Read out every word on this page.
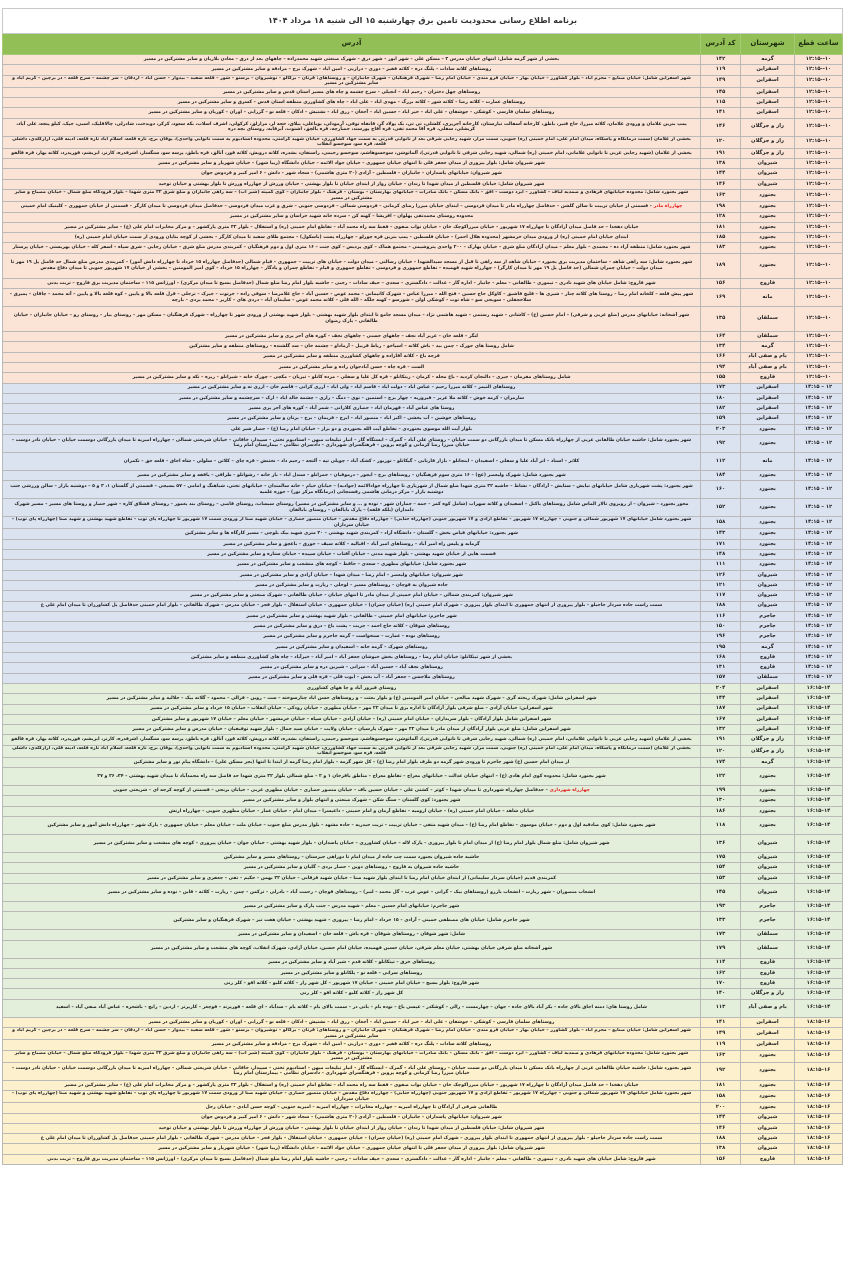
برنامه اطلاع رسانی محدودیت تامین برق چهارشنبه ۱۵ الی شنبه ۱۸ مرداد ۱۴۰۴			
ساعت قطع	شهرستان	کد آدرس	آدرس
۱۰--۱۲:۱۵	گرمه	۱۴۲	بخشی از شهر گرمه شامل: انتهای خیابان مدرس ۲ – مسکن علی – شهر ایور – شهر درق – شهرک صنعتی شهید محمدزاده – چاههای بعد از درق – معادن بلاریان و سایر مشترکین در مسیر
۱۰--۱۲:۱۵	اسفراین	۱۱۹	روستاهای کلاته سادات – پلنگ دره – کلاته فقیر – دوری – درازیی – امین اباد – شهرک برج – مرادقه و سایر مشترکین در مسیر
۱۰--۱۲:۱۵	اسفراین	۱۴۹	شهر اسفراین شامل: خیابان صنایع – محرم اباد – بلوار کشاورز – خیابان بهار – خیابان فرو مندی – خیابان امام رضا – شهرک فرهنگیان – شهرک جانبازان – و روستاهای: قرتان – برکالو – نوشیروان – برسنو – شور – قلعه سفید – بیدواز – حسن اباد – اردقان – سر چشمه – سرخ قلعه – در برچین – کریم اباد و سایر مشترکین در مسیر
۱۰--۱۲:۱۵	اسفراین	۱۴۵	روستاهای چهل دختران – رحیم اباد – انجیلی – سرخ چشمه و چاه های مسیر استان قدس و سایر مشترکین در مسیر
۱۰--۱۲:۱۵	اسفراین	۱۱۵	روستاهای عمارت – کلاته رضا – کلاته شور – کلاته بزرگ – مهدی اباد – علی اباد – چاه های کشاورزی منطقه استان قدس – کسرق و سایر مشترکین در مسیر
۱۰--۱۲:۱۵	اسفراین	۱۴۱	روستاهای سلمان فارسی – کوشکی – جوشقان – علی اباد – خیر اباد – حسین اباد – آجغان – زرق اباد – نشتیش – ادکان – قلعه نو – گزرابی – اوران – کوریان و سایر مشترکین در مسیر
۱۰--۱۲:۱۵	راز و جرگلان	۱۴۶	پمپ بنزین غلامان و ورودی غلامان، کلاته میرزا، حاج قنبر، باطق، کارخانه آسفالت تبارستان، کارخانه آجرپزی، کلشلی، تی تی، بک پولاد گز، قانقاه توقی، آرمودلی، بوباغلی، ییلاق، خجه لر، مزارلق، کرکولی، اشرف اسلاب، بکه سعود، کرکز، دوبدخت، شادرلی، چالاقلیک، اسبی، جیک، کیلو پنجه، علی آباد، کریشلی، سقلی، قره آقا محمد تقی، قره آقاج پورسند، حصارچه، قره یالچق، اشتوت، آبرقابه، روستای بچه دره
۱۰--۱۲:۱۵	راز و جرگلان	۱۲۰	بخشی از غلامان (سمت درمانگاه و پاسگاه، میدان امام علی، امام خمینی (ره) جنوبی، سمت مزار، شهید رجایی شرقی بعد از نانوایی قدرتی به سمت جهاد کشاورزی، خیابان شهید کرامتی، محدوده استادیوم به سمت نانوایی واحدی)، یوقان برج، تازه قلعه، اسلام آباد تازه قلعه، آدینه قلی، ارازکلدی، داشلی قلعه، قره سو، سوخسو انقلاب
۱۰--۱۲:۱۵	راز و جرگلان	۱۹۱	بخشی از غلامان (شهید رجایی غربی تا نانوایی غلامانی، امام خمینی (ره) شمالی، شهید رجایی شرقی تا نانوایی قدرتی)، آلماتوشن، سوخسوهاشم، سوخسو رحیمی، راستقان، بشدره، کلاته درویش، کلاته قوز، آتالق، قره باطق، پرسه سو، سنگسار، اشرفدره، کارنز، ابریشم، قورپدرد، کلاته بهار، قره قالقو
۱۰--۱۲:۱۵	شیروان	۱۳۸	شهر شیروان شامل: بلوار پیروزی از میدان جعفر قلی تا انتهای خیابان جمهوری – خیابان جواد الائمه – خیابان دانشگاه (زیبا شهر) – خیابان شهریار و سایر مشترکین در مسیر
۱۰--۱۲:۱۵	شیروان	۱۴۴	شهر شیروان: خیابانهای پاسداران – جانبازان – فلسطین – آزادی (۲۰ متری هاشمی) – سجاد شهر – دانش – ۶ امیر کبیر و فردوس جوان
۱۰--۱۲:۱۵	شیروان	۱۴۶	شهر شیروان شامل: خیابان فلسطین از میدان شهدا تا زندان – خیابان رواز از ابتدای خیابان تا بلوار بهشتی – خیابان ورزش از چهارراه ورزش تا بلوار بهشتی و خیابان توحید
۱۰--۱۲:۱۵	بجنورد	۱۶۳	شهر بجنورد شامل: محدوده خیابانهای فرهادی و صمدیه لباف – کشاورز – ایزد دوست – افق – بانک مسکن – بانک صادرات – خیابانهای بهارستان – بوستان – فرهنگ – بلوار جانبازان – کوی کمپنه (شیر آب) – سه راهی جانبازان و ضلع شرق ۳۲ متری شهدا – بلوار فرودگاه ضلع شمال – خیابان مصباح و سایر مشترکین در مسیر
۱۰--۱۲:۱۵	بجنورد	۱۹۸	چهارراه مادر – قسمتی از خیابان تربیت تا سالن گلشن – حدفاصل چهارراه مادر تا میدان فردوسی – ابتدای خیابان میرزا رضای کرمانی – فردوسی شمالی – فردوسی جنوبی – شرق و غرب میدان فردوسی – حدفاصل میدان فردوسی تا میدان کارگر – قسمتی از خیابان جمهوری – کلینیک امام خمینی
۱۰--۱۲:۱۵	بجنورد	۱۲۸	محدوده روستای محمدتقی پهلوان – افریشا – کهنه کن – سرده خانه شهید خراسان و سایر مشترکین در مسیر
۱۰--۱۲:۱۵	بجنورد	۱۸۱	خیابان دهخدا – حد فاصل میدان آزادگان تا چهارراه ۱۷ شهریور – خیابان میرزاکوچک خان – خیابان نواب صفوی – فقط سه راه محمد آباد – تقاطع امام خمینی (ره) و استقلال – بلوار ۳۲ متری پارکشهر – و مرکز مخابرات امام علی (ع) – سایر مشترکین در مسیر
۱۰--۱۲:۱۵	بجنورد	۱۸۵	ابتدای خیابان امام خمینی (ره) از ورودی میدان خرمشهر (محدوده هلال احمر) – خیابان فلسطین – پمپ بنزین فره چورلو – چهارراه پست (باسکول) – مجتمع طلای سفید تا میدان کارگر – بخشی از کوچه بنایان ورودی از سمت خیابان امام خمینی (ره)
۱۰--۱۲:۱۵	بجنورد	۱۸۳	شهر بجنورد شامل: منطقه آزاد ده – محمدی – بلوار معلم – میدان آزادگان ضلع شرق – خیابان بهارک – ۲۰۰ واحدی پتروشیمی – مجتمع هماک – کوی پردیس – کوی جنت – ۱۶ متری اول و دوم فرهنگیان – کمربندی مدرس ضلع شرق – خیابان رجایی – شرق سپاه – اسفر کله – خیابان بهزیستی – خیابان پرستار
۱۰--۱۲:۱۵	بجنورد	۱۸۹	شهر بجنورد شامل: سه راهی شاهد – ساختمان مدیریت برق بجنورد – خیابان شاهد از سه راهی تا قبل از مسجد سیدالشهدا – خیابان رسالتی – میدان دولت – خیابان های تربیت – جمهوری – قیام شمالی (حدفاصل چهارراه ۱۵ خرداد تا چهارراه دانش آموز) – کمربندی مدرس ضلع شمال حد فاصل پل ۱۹ مهر تا میدان دولت – خیابان چمران شمالی (حد فاصل پل ۱۹ مهر تا میدان کارگر) – چهارراه شهید فهمیده – تقاطع جمهوری و فردوسی – تقاطع جمهوری و قیام – تقاطع چمران و یادگار – چهارراه ۱۵ خرداد – کوی امیر المومنین – بخشی از خیابان ۱۷ شهریور جنوبی تا میدان دفاع مقدس
۱۰--۱۲:۱۵	فاروج	۱۵۶	شهر فاروج: شامل خیابان های شهید نادری – تیموری – طالقانی – معلم – جانباز – اداره گاز – عدالت – دادگستری – سعدی – حیف سادات – رجبی – حاشیه بلوار امام رضا ضلع شمال (حدفاصل بسیج تا میدان مرکزی) – اورژانس ۱۱۵ – ساختمان مدیریت برق فاروج – تربت بدنی
۱۰--۱۲:۱۵	مانه	۱۶۹	شهر پیش قلعه – کلخانه امام رضا – روستا های کلاته چنار – شیری ها – قلیچ قاشیق – کاوکل حاج حسین – فتح الله – میرزا عباس – شهرک کاتیمانی – محمد عوض – حسین آباد – حاج غلامرضا – سوفی زاده – خرتوت – جیرک – ترجلی – قزل قلعه بالا و پایین – کوه قلعه بالا و پایین – آته محمد – چاقان – پمیرق – سلاخجقلی – سوبجی سو – شاه توت – کوشکی اولن – شورسو – کهنه جلگه – الله قلی – کلاته محمد عوض – سلیمان آباد – دردی های – کاریز – محمد بردی – بارچه
۱۰--۱۲:۱۵	سملقان	۱۳۵	شهر آشخانه: خیابانهای مدرس (ضلع غربی و شرقی) – امام حسین (ع) – کاشانی – شهید رستمی – شهید هاشمی نژاد – میدان مسجد جامع تا ابتدای بلوار شهید بهشتی – بلوار شهید بهشتی از ورودی شهر تا چهارراه – شهرک فرهنگیان – مسکن مهر – روستای بیار – روستای زو – خیابان جانبازان – خیابان طالقانی – پارک رضوان
۱۰--۱۲:۱۵	سملقان	۱۶۴	لنگر – قلعه خان – عزیز آباد نجف – چاههای حسنی – چاههای نجف – کوره های آجر پزی و سایر مشترکین در مسیر
۱۰--۱۲:۱۵	گرمه	۱۳۴	شامل روستا های جورک – چمن بید – باش کلاته – اسپاخو – رباط قریبل – آرماداو – چشمه خان – سد گلشنده – روستاهای منطقه و سایر مشترکین
۱۰--۱۲:۱۵	بام و صفی آباد	۱۶۶	فرجه باغ – کلاته آقازاده و چاههای کشاورزی منطقه و سایر مشترکین در مسیر
۱۰--۱۲:۱۵	بام و صفی آباد	۱۹۴	الست – قره چاه – حسن آبادجوان زاده و سایر مشترکین در مسیر
۱۰--۱۲:۱۵	فاروج	۱۵۵	شامل روستاهای مقرمان – جیری – دالنجان کردیه – باغ محله – کرمان – زینکانلو – قره کل علیا و سفلی – مرده کانلو – تیریان – مکچی – چورک خانه – شیرانلو – ریزه – تکه و سایر مشترکین در مسیر
۱۲ – ۱۴:۱۵	اسفراین	۱۷۳	روستاهای النیمز – کلاته میرزا رحیم – عباس اباد – دولت اباد – قاسم اباد – ولی اباد – ازری کرانی – قاسم خان – ازری ته و سایر مشترکین در مسیر
۱۲ – ۱۴:۱۵	اسفراین	۱۸۰	سارمران – کرمه خوش – کلاته ملا عزیز – فیروزیه – چهار برج – استمین – نوی – دمگ – زاری – چشمه خالد اباد – ارک – سرچشمه و سایر مشترکین در مسیر
۱۲ – ۱۴:۱۵	اسفراین	۱۸۲	روستا های عباس آباد – قهرمان اباد – حصاری کلارانی – شمر آباد – کوره های آجر پزی مسیر
۱۲ – ۱۴:۱۵	اسفراین	۱۵۹	روستاهای خوشین – آب بخشی – اکبر اباد – منصور اباد – ایرج – فریمان – برج – بزنان و سایر مشترکین در مسیر
۱۲ – ۱۴:۱۵	بجنورد	۲۰۳	بلوار آیت الله موسوی بجنوردی – تقاطع آیت الله بجنوردی و دو براز – خیابان امام رضا (ع) – حصار شیر علی
۱۲ – ۱۴:۱۵	بجنورد	۱۹۲	شهر بجنورد شامل: حاشیه خیابان طالقانی غربی از چهارراه بانک مسکن تا میدان بازرگانی دو سمت خیابان – روستای علی آباد – گمرک – ایستگاه گاز – انبار تبلیغات میهن – استادیوم تختی – سپیدار، خاقانی – خیابان شریعتی شمالی – چهارراه امیریه تا میدان بازرگانی دوسمت خیابان – خیابان نادر دوست – خیابان میرزا رضا کرمانی و کوچه پروین – فرهنگسرای شهرداری – دادسرای نظامی – بیمارستان امام رضا
۱۲ – ۱۴:۱۵	مانه	۱۱۲	کلاتر – اسناد – اتر آباد علیا و سفلی – اسفیدان – اینجانلو – بازار قارنابی – گیکانلو – نوربور – کشک آباد – چوپلی تپه – آلتجه – رحیم داد – نختنش – قره چای – کلاتن – سلولی – شاه اجاق – قلعه جق – تکمران
۱۲ – ۱۴:۱۵	بجنورد	۱۸۴	شهر بجنورد شامل: شهرک ولیعصر (عج) – ۱۶ متری سوم فرهنگیان – روستاهای برج – ایجور – درموفیان – حمزانلو – سندل اباد – باز خانه – رشوانلو – طراقی – یافقه و سایر مشترکین در مسیر
۱۲ – ۱۴:۱۵	بجنورد	۱۶۰	شهر بجنورد: پشت شهربازی شامل خیابانهای نیایش – ستایش – آزادگان – نشاط – حاشیه ۳۲ متری شهدا ضلع شمال از شهربازی تا چهارراه جوادالائمه (جوادیه) – خیابان خیام – خانه سالمندان – خیابانهای تختی، شباهنگ و امامی – ۵۷ بسیجی – قسمتی از گلستان ۱، ۳ و ۵ – دوشنبه بازار – سالن ورزشی جنب دوشنبه بازار – مرکز درمانی هاشمی رفسنجانی (درمانگاه مرکز نور) – حوزه علمیه
۱۲ – ۱۴:۱۵	بجنورد	۱۵۲	محور بجنورد – شیروان – از روبروی تالار الماس شامل روستاهای باکتل – اسفیدان و کلاته سهراب (شامل کوه کمر – جمه – جماران شهر – توده و ... و سایر مشترکین در مسیر) روستای سیساب، روستای قاضی – روستای بند یغمور – روستای قشلاق کاره – شهر حصار و روستا های مسیر – مسیر شهرک دامداران (بلکه قلقه) – پارک بابالقان – روستای بابالقان
۱۲ – ۱۴:۱۵	بجنورد	۱۵۸	شهر بجنورد شامل خیابانهای ۱۷ شهریور شمالی و جنوبی – چهارراه ۱۷ شهریور – تقاطع آزادی و ۱۷ شهریور جنوبی (چهارراه حنایی) – چهارراه دفاع مقدس – خیابان منصور حصاری – خیابان شهید صنا از ورودی سمت ۱۷ شهریور تا چهارراه پای توپ – تقاطع شهید بهشتی و شهید صنا (چهارراه پای توپ) – خیابان سرداران
۱۲ – ۱۴:۱۵	بجنورد	۱۴۳	شهر بجنورد: خیابانهای فیاض بخش – گلستان – دانشگاه آزاد – کمربندی شهید بهشتی – ۲۰ متری شهید بیک بلوچی – مسیر کارگاه ها و سایر مشترکین
۱۲ – ۱۴:۱۵	بجنورد	۱۷۱	گرمابه و پلیس راه امیر آباد – روستاهای امیر آباد – اقبالیه – کلاته سیف – جوزق – باغچق و سایر مشترکین در مسیر
۱۲ – ۱۴:۱۵	بجنورد	۱۴۸	قسمت هایی از خیابان شهید بهشتی – بلوار شهید مدنی – خیابان آفتاب – خیابان سپیده – خیابان ستاره و سایر مشترکین در مسیر
۱۲ – ۱۴:۱۵	بجنورد	۱۱۱	شهر بجنورد شامل: خیابانهای مطهری – سعدی – حافظ – کوچه های منشعب و سایر مشترکین در مسیر
۱۲ – ۱۴:۱۵	شیروان	۱۲۶	شهر شیروان: خیابانهای ولیعصر – امام رضا – میدان شهدا – خیابان آزادی و سایر مشترکین در مسیر
۱۲ – ۱۴:۱۵	شیروان	۱۲۱	جاده شیروان به قوچان – روستاهای مسیر – لوجلی – زیارت و سایر مشترکین در مسیر
۱۲ – ۱۴:۱۵	شیروان	۱۱۷	شهر شیروان: کمربندی شمالی – خیابان امام خمینی از میدان مادر تا انتهای خیابان – خیابان طالقانی – شهرک صنعتی و سایر مشترکین در مسیر
۱۲ – ۱۴:۱۵	شیروان	۱۸۸	سمت راست جاده سردار جاجیلو – بلوار پیروزی از انتهای جمهوری تا ابتدای بلوار پیروزی – شهرک امام خمینی (ره) (خیابان چمران) – خیابان جمهوری – خیابان استقلال – بلوار فجر – خیابان مدرس – شهرک طالقانی – بلوار امام خمینی حدفاصل پل کشاورزان تا میدان امام علی ع
۱۲ – ۱۴:۱۵	جاجرم	۱۱۶	شهر جاجرم: خیابانهای امام خمینی – طالقانی – بلوار شهید بهشتی و سایر مشترکین در مسیر
۱۲ – ۱۴:۱۵	جاجرم	۱۵۰	روستاهای شوقان – کلاته حاج احمد – جربت – پشت باغ – درق و سایر مشترکین در مسیر
۱۲ – ۱۴:۱۵	جاجرم	۱۹۶	روستاهای نوده – عمارت – سنخواست – گرمه جاجرم و سایر مشترکین در مسیر
۱۲ – ۱۴:۱۵	گرمه	۱۹۵	روستاهای شهرک – گرمه خانه – اسفیدان و سایر مشترکین در مسیر
۱۲ – ۱۴:۱۵	فاروج	۱۶۸	بخشی از شهر تیتکانلو: خیابان امام رضا – روستاهای بخش خبوشان جعفر آباد – امیر آباد – خیرآباد – چاه های کشاورزی منطقه و سایر مشترکین
۱۲ – ۱۴:۱۵	فاروج	۱۳۱	روستاهای نجف آباد – حسین آباد – سرانی – شیرین دره و سایر مشترکین در مسیر
۱۲ – ۱۴:۱۵	سملقان	۱۵۷	روستاهای ملاحسن – جعفر آباد – آب بخش – ایوب قلی – قره قلی و سایر مشترکین در مسیر
۱۴–۱۶:۱۵	اسفراین	۲۰۴	روستای فیروز آباد و چا ههای کشاورزی
۱۴–۱۶:۱۵	اسفراین	۱۴۴	شهر اسفراین شامل: شهرک ریخته گری – شهرک شهید صالحی – خیابان امیر المومنین (ع) و بلوار بعثت – و روستاهای حسن اباد چنارسوخته – ست – روین – قرالی – محمود – گلاته بیک – جلالیه و سایر مشترکین در مسیر
۱۴–۱۶:۱۵	اسفراین	۱۸۷	شهر اسفراین: خیابان آزادی – ضلع شرقی بلوار آزادگان تا اداره برق تا میدان ۲۲ مهر – خیابان مطهری – خیابان رودکی – خیابان انقلاب – خیابان ۱۵ خرداد و سایر مشترکین در مسیر
۱۴–۱۶:۱۵	اسفراین	۱۶۷	شهر اسفراین شامل بلوار آزادگان – بلوار سربداران – خیابان امام خمینی (ره) – خیابان آزادی – خیابان سپاه – خیابان خرمشهر – خیابان معلم – خیابان ۱۷ شهریور و سایر مشترکین
۱۴–۱۶:۱۵	اسفراین	۱۳۲	شهر اسفراین شامل: ضلع غربی بلوار آزادگان از میدان مادر تا میدان ۲۲ مهر – شهرک پارسیان – خیابان ولایت – خیابان سید جمال – بلوار شهید توفیقیان – خیابان مدرس و سایر مشترکین در مسیر
۱۴–۱۶:۱۵	راز و جرگلان	۱۹۱	بخشی از غلامان (شهید رجایی غربی تا نانوایی غلامانی، امام خمینی (ره) شمالی، شهید رجایی شرقی تا نانوایی قدرتی)، آلماتوشن، سوخسوهاشم، سوخسو رحیمی، راستقان، بشدره، کلاته درویش، کلاته قوز، آتالق، قره باطق، پرسه سو، سنگسار، اشرفدره، کارنز، ابریشم، قورپدرد، کلاته بهار، قره قالقو
۱۴–۱۶:۱۵	راز و جرگلان	۱۲۰	بخشی از غلامان (سمت درمانگاه و پاسگاه، میدان امام علی، امام خمینی (ره) جنوبی، سمت مزار، شهید رجایی شرقی بعد از نانوایی قدرتی به سمت جهاد کشاورزی، خیابان شهید کرامتی، محدوده استادیوم به سمت نانوایی واحدی)، یوقان برج، تازه قلعه، اسلام آباد تازه قلعه، آدینه قلی، ارازکلدی، داشلی قلعه، قره سو، سوخسو انقلاب
۱۴–۱۶:۱۵	گرمه	۱۷۴	از میدان امام حسین (ع) شهر جاجرم تا ورودی شهر گرمه دو طرف بلوار امام رضا (ع) – کل شهر گرمه – بلوار امام رضا گرمه از ابتدا تا انتها (بجز مسکن علی) – دانشگاه پیام نور و سایر مشترکین
۱۴–۱۶:۱۵	بجنورد	۱۲۲	شهر بجنورد شامل: محدوده کوی امام هادی (ع) – انتهای خیابان عدالت – خیابانهای معراج – تقاطع معراج – مناطق باقرخان ۱ و ۲ – ضلع شمالی بلوار ۳۲ متری شهدا حد فاصل سه راه محمدآباد تا میدان شهید بهشتی – ۳۴، ۳۶ و ۳۷
۱۴–۱۶:۱۵	بجنورد	۱۹۹	چهارراه شهرداری – حدفاصل چهارراه شهرداری تا میدان شهدا – کوثر – کشتی علی – خیابان حسین باف – خیابان منصور حصاری – خیابان مطهری غربی – خیابان برنجی – قسمتی از کوچه کرجه ای – شریعتی جنوبی
۱۴–۱۶:۱۵	بجنورد	۱۳۰	شهر بجنورد: کوی گلستان – سنگ شکن – شهرک صنعتی و انتهای بلوار و سایر مشترکین در مسیر
۱۴–۱۶:۱۵	بجنورد	۱۸۶	خیابان شاهد – خیابان امام خمینی (ره) – خیابان ارومیه – تقاطع آرمان و امام خمینی – داعیسرا – میدان امام – خیابان عمار – خیابان مطهری جنوبی – چهارراه ارتش
۱۴–۱۶:۱۵	بجنورد	۱۱۸	شهر بجنورد شامل: کوی صادقیه اول و دوم – خیابان موسوی – تقاطع امام رضا (ع) – میدان شهید متقی – خیابان تربیت – تربت حیدریه – جاده مشهد – بلوار مدرس ضلع جنوب – خیابان ملت – خیابان معلم – خیابان جمهوری – پارک شهر – چهارراه دانش آموز و سایر مشترکین
۱۴–۱۶:۱۵	شیروان	۱۳۶	شهر شیروان شامل: ضلع شمال بلوار امام رضا (ع) از میدان امام تا بلوار پیروزی – پارک لاله – خیابان کشاورزی – خیابان پاسداران – بلوار شهید بهشتی – خیابان جوان – خیابان پیروزی – کوچه های منشعب و سایر مشترکین در مسیر
۱۴–۱۶:۱۵	شیروان	۱۷۵	حاشیه جاده شیروان بجنورد سمت چپ جاده از میدان امام تا دوراهی جیرستان – روستاهای مسیر و سایر مشترکین
۱۴–۱۶:۱۵	شیروان	۱۵۴	حاشیه جاده شیروان به فاروج – روستاهای دوین – حصار یزدی – گلیان و سایر مشترکین در مسیر
۱۴–۱۶:۱۵	شیروان	۱۵۳	کمربندی قدیم (خیابان سردار سلیمانی) از ابتدای خیابان امام رضا تا ابتدای بلوار شهید صنا – خیابان شهید فرقانی – خیابان ۲۲ بهمن – حکیم – تقی – جعفری و سایر مشترکین در مسیر
۱۴–۱۶:۱۵	شیروان	۱۴۵	انشعاب منصوران – شهر زیارت – انشعاب بارزو (روستاهای بیک – گرانی – عوض عرب – گل محمد – لنبر) – روستاهای قوچان – رحمت آباد – بادرلی – ترکمن – چمن – زیارت – کلاته – قاین – نوده و سایر مشترکین در مسیر
۱۴–۱۶:۱۵	جاجرم	۱۹۳	شهر جاجرم: خیابانهای امام حسین – معلم – شهید مدرس – جنب پارک و سایر مشترکین در مسیر
۱۴–۱۶:۱۵	جاجرم	۱۳۳	شهر جاجرم شامل: خیابان های مصطفی خمینی – آزادی – ۱۵ خرداد – امام رضا – پیروزی – شهید بهشتی – خیابان هفت تیر – شهرک فرهنگیان و سایر مشترکین
۱۴–۱۶:۱۵	سملقان	۱۷۳	شامل: شهر شوقان – روستاهای شوقان – قره باش – قلعه خان – اسفیدان و سایر مشترکین در مسیر
۱۴–۱۶:۱۵	سملقان	۱۷۹	شهر آشخانه ضلع شرقی خیابان بهشتی، خیابان معلم شرقی، خیابان حسین فهمیده، خیابان امام حسین، خیابان آزادی، شهرک انقلاب، کوچه های منشعب و سایر مشترکین در مسیر
۱۴–۱۶:۱۵	فاروج	۱۱۴	روستاهای خرق – تیتکانلو – کلاته قدم – شیر آباد و سایر مشترکین در مسیر
۱۴–۱۶:۱۵	فاروج	۱۶۲	روستاهای سرانی – قلعه نو – پلکانلو و سایر مشترکین در مسیر
۱۴–۱۶:۱۵	فاروج	۱۷۰	شهر فاروج: بلوار بسیج – خیابان امام خمینی – خیابان ۱۷ شهریور – کل شهر راز – کلاته کلبو – کلاته افو – کلر رنی
۱۴–۱۶:۱۵	راز و جرگلان	۱۴۰	کل شهر راز – کلاته کلبو – کلاته افو – کلر رنی
۱۴–۱۶:۱۵	بام و صفی آباد	۱۱۳	شامل روستا های: دمنه اجاق بالای جاده – بکر آباد بالای جاده – جهان – چهارمست – زالی – کوشکدر – عیسی باغ – نوده بام – بانی در – سمت بالای بام – کلاته بام – سدآباد – ای قلعه – قوریزند – قوچغز – کاریزنر – اردین – رابچ – باشخره – عباس آباد صفی آباد – اسفید
۱۶–۱۸:۱۵	اسفراین	۱۴۱	روستاهای سلمان فارسی – کوشکی – جوشقان – علی اباد – خیر اباد – حسین اباد – آجغان – زرق اباد – نشتیش – ادکان – قلعه نو – گزرابی – اوران – کوریان و سایر مشترکین در مسیر
۱۶–۱۸:۱۵	اسفراین	۱۴۹	شهر اسفراین شامل: خیابان صنایع – محرم اباد – بلوار کشاورز – خیابان بهار – خیابان فرو مندی – خیابان امام رضا – شهرک فرهنگیان – شهرک جانبازان – و روستاهای: قرتان – برکالو – نوشیروان – برسنو – شور – قلعه سفید – بیدواز – حسن اباد – اردقان – سر چشمه – سرخ قلعه – در برچین – کریم اباد و سایر مشترکین در مسیر
۱۶–۱۸:۱۵	اسفراین	۱۱۹	روستاهای کلاته سادات – پلنگ دره – کلاته فقیر – دوری – درازیی – امین اباد – شهرک برج – مرادقه و سایر مشترکین در مسیر
۱۶–۱۸:۱۵	بجنورد	۱۶۳	شهر بجنورد شامل: محدوده خیابانهای فرهادی و صمدیه لباف – کشاورز – ایزد دوست – افق – بانک مسکن – بانک صادرات – خیابانهای بهارستان – بوستان – فرهنگ – بلوار جانبازان – کوی کمپنه (شیر آب) – سه راهی جانبازان و ضلع شرق ۳۲ متری شهدا – بلوار فرودگاه ضلع شمال – خیابان مصباح و سایر مشترکین در مسیر
۱۶–۱۸:۱۵	بجنورد	۱۹۲	شهر بجنورد شامل: حاشیه خیابان طالقانی غربی از چهارراه بانک مسکن تا میدان بازرگانی دو سمت خیابان – روستای علی آباد – گمرک – ایستگاه گاز – انبار تبلیغات میهن – استادیوم تختی – سپیدار، خاقانی – خیابان شریعتی شمالی – چهارراه امیریه تا میدان بازرگانی دوسمت خیابان – خیابان نادر دوست – خیابان میرزا رضا کرمانی و کوچه پروین – فرهنگسرای شهرداری – دادسرای نظامی – بیمارستان امام رضا
۱۶–۱۸:۱۵	بجنورد	۱۸۱	خیابان دهخدا – حد فاصل میدان آزادگان تا چهارراه ۱۷ شهریور – خیابان میرزاکوچک خان – خیابان نواب صفوی – فقط سه راه محمد آباد – تقاطع امام خمینی (ره) و استقلال – بلوار ۳۲ متری پارکشهر – و مرکز مخابرات امام علی (ع) – سایر مشترکین در مسیر
۱۶–۱۸:۱۵	بجنورد	۱۵۸	شهر بجنورد شامل خیابانهای ۱۷ شهریور شمالی و جنوبی – چهارراه ۱۷ شهریور – تقاطع آزادی و ۱۷ شهریور جنوبی (چهارراه حنایی) – چهارراه دفاع مقدس – خیابان منصور حصاری – خیابان شهید صنا از ورودی سمت ۱۷ شهریور تا چهارراه پای توپ – تقاطع شهید بهشتی و شهید صنا (چهارراه پای توپ) – خیابان سرداران
۱۶–۱۸:۱۵	بجنورد	۲۰۰	طالقانی شرقی از آزادگان تا چهارراه امیریه – چهارراه مخابرات – چهارراه امیریه – امیریه جنوبی – کوچه حسن آبادی – خیابان زحل
۱۶–۱۸:۱۵	شیروان	۱۴۴	شهر شیروان: خیابانهای پاسداران – جانبازان – فلسطین – آزادی (۲۰ متری هاشمی) – سجاد شهر – دانش – ۶ امیر کبیر و فردوس جوان
۱۶–۱۸:۱۵	شیروان	۱۴۶	شهر شیروان شامل: خیابان فلسطین از میدان شهدا تا زندان – خیابان رواز از ابتدای خیابان تا بلوار بهشتی – خیابان ورزش از چهارراه ورزش تا بلوار بهشتی و خیابان توحید
۱۶–۱۸:۱۵	شیروان	۱۸۸	سمت راست جاده سردار جاجیلو – بلوار پیروزی از انتهای جمهوری تا ابتدای بلوار پیروزی – شهرک امام خمینی (ره) (خیابان چمران) – خیابان جمهوری – خیابان استقلال – بلوار فجر – خیابان مدرس – شهرک طالقانی – بلوار امام خمینی حدفاصل پل کشاورزان تا میدان امام علی ع
۱۶–۱۸:۱۵	شیروان	۱۳۸	شهر شیروان شامل: بلوار پیروزی از میدان جعفر قلی تا انتهای خیابان جمهوری – خیابان جواد الائمه – خیابان دانشگاه (زیبا شهر) – خیابان شهریار و سایر مشترکین در مسیر
۱۶–۱۸:۱۵	فاروج	۱۵۶	شهر فاروج: شامل خیابان های شهید نادری – تیموری – طالقانی – معلم – جانباز – اداره گاز – عدالت – دادگستری – سعدی – حیف سادات – رجبی – حاشیه بلوار امام رضا ضلع شمال (حدفاصل بسیج تا میدان مرکزی) – اورژانس ۱۱۵ – ساختمان مدیریت برق فاروج – تربت بدنی
